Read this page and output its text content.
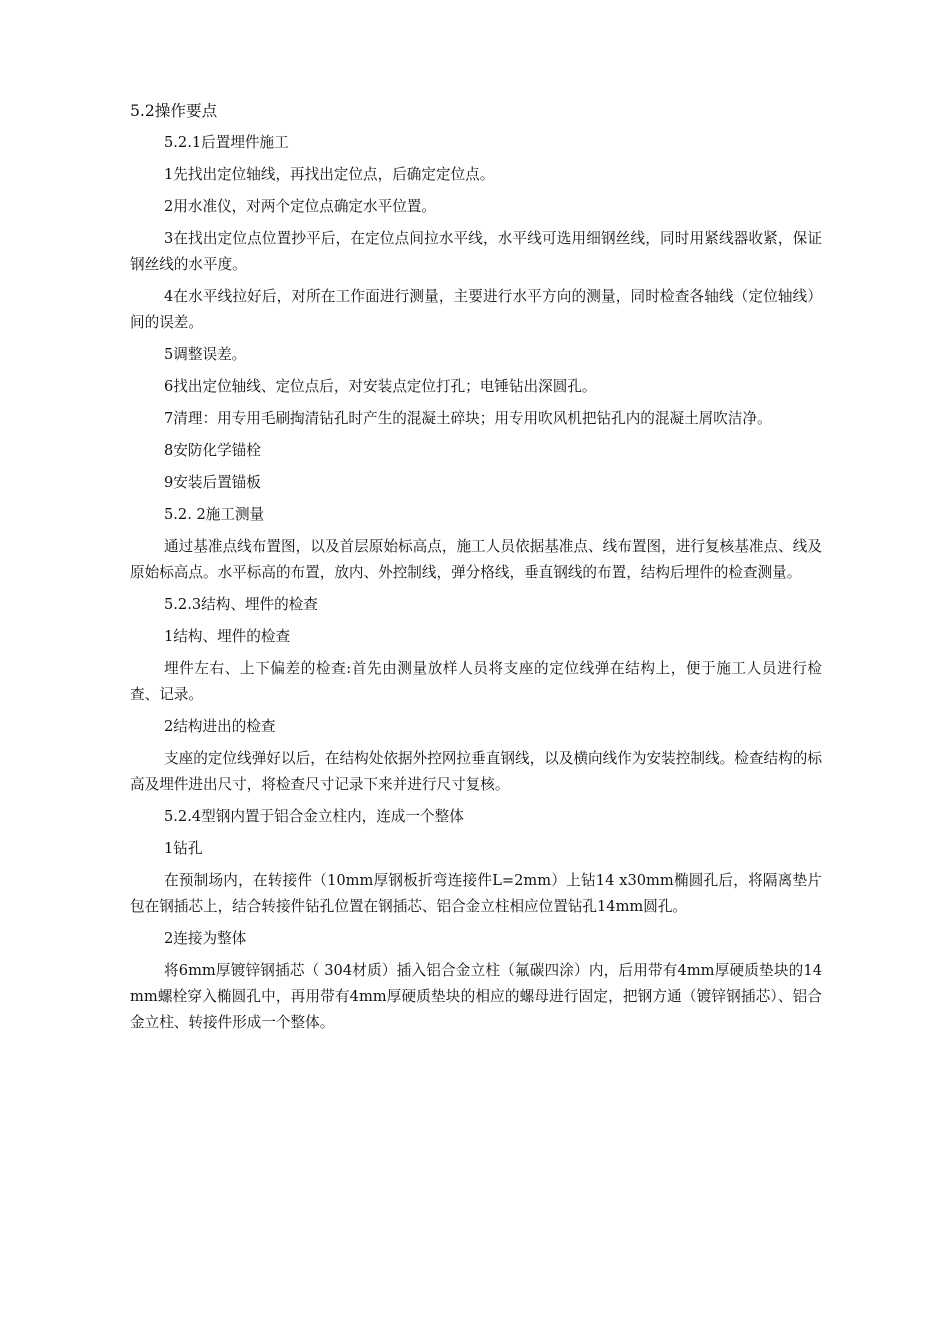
5.2操作要点

5.2.1后置埋件施工

1先找出定位轴线，再找出定位点，后确定定位点。

2用水准仪，对两个定位点确定水平位置。

3在找出定位点位置抄平后，在定位点间拉水平线，水平线可选用细钢丝线，同时用紧线器收紧，保证钢丝线的水平度。

4在水平线拉好后，对所在工作面进行测量，主要进行水平方向的测量，同时检查各轴线（定位轴线）间的误差。

5调整误差。

6找出定位轴线、定位点后，对安装点定位打孔；电锤钻出深圆孔。

7清理：用专用毛刷掏清钻孔时产生的混凝土碎块；用专用吹风机把钻孔内的混凝土屑吹洁净。

8安防化学锚栓

9安装后置锚板

5.2. 2施工测量

通过基准点线布置图，以及首层原始标高点，施工人员依据基准点、线布置图，进行复核基准点、线及原始标高点。水平标高的布置，放内、外控制线，弹分格线，垂直钢线的布置，结构后埋件的检查测量。

5.2.3结构、埋件的检查

1结构、埋件的检查

埋件左右、上下偏差的检查:首先由测量放样人员将支座的定位线弹在结构上，便于施工人员进行检查、记录。

2结构进出的检查

支座的定位线弹好以后，在结构处依据外控网拉垂直钢线，以及横向线作为安装控制线。检查结构的标高及埋件进出尺寸，将检查尺寸记录下来并进行尺寸复核。

5.2.4型钢内置于铝合金立柱内，连成一个整体

1钻孔

在预制场内，在转接件（10mm厚钢板折弯连接件L=2mm）上钻14 x30mm椭圆孔后，将隔离垫片包在钢插芯上，结合转接件钻孔位置在钢插芯、铝合金立柱相应位置钻孔14mm圆孔。

2连接为整体

将6mm厚镀锌钢插芯（ 304材质）插入铝合金立柱（氟碳四涂）内，后用带有4mm厚硬质垫块的14mm螺栓穿入椭圆孔中，再用带有4mm厚硬质垫块的相应的螺母进行固定，把钢方通（镀锌钢插芯）、铝合金立柱、转接件形成一个整体。
